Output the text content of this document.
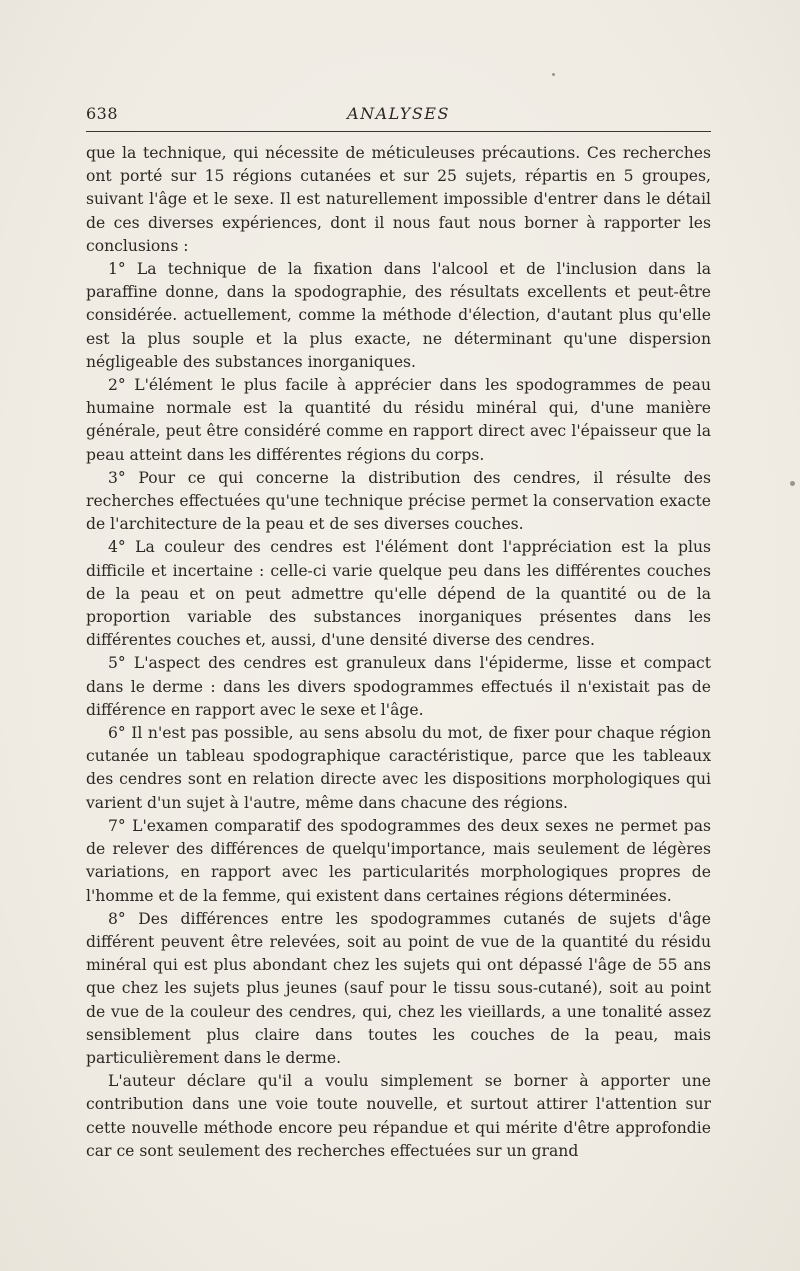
638	ANALYSES

que la technique, qui nécessite de méticuleuses précautions. Ces recherches ont porté sur 15 régions cutanées et sur 25 sujets, répartis en 5 groupes, suivant l'âge et le sexe. Il est naturellement impossible d'entrer dans le détail de ces diverses expériences, dont il nous faut nous borner à rapporter les conclusions :

1° La technique de la fixation dans l'alcool et de l'inclusion dans la paraffine donne, dans la spodographie, des résultats excellents et peut-être considérée. actuellement, comme la méthode d'élection, d'autant plus qu'elle est la plus souple et la plus exacte, ne déterminant qu'une dispersion négligeable des substances inorganiques.

2° L'élément le plus facile à apprécier dans les spodogrammes de peau humaine normale est la quantité du résidu minéral qui, d'une manière générale, peut être considéré comme en rapport direct avec l'épaisseur que la peau atteint dans les différentes régions du corps.

3° Pour ce qui concerne la distribution des cendres, il résulte des recherches effectuées qu'une technique précise permet la conservation exacte de l'architecture de la peau et de ses diverses couches.

4° La couleur des cendres est l'élément dont l'appréciation est la plus difficile et incertaine : celle-ci varie quelque peu dans les différentes couches de la peau et on peut admettre qu'elle dépend de la quantité ou de la proportion variable des substances inorganiques présentes dans les différentes couches et, aussi, d'une densité diverse des cendres.

5° L'aspect des cendres est granuleux dans l'épiderme, lisse et compact dans le derme : dans les divers spodogrammes effectués il n'existait pas de différence en rapport avec le sexe et l'âge.

6° Il n'est pas possible, au sens absolu du mot, de fixer pour chaque région cutanée un tableau spodographique caractéristique, parce que les tableaux des cendres sont en relation directe avec les dispositions morphologiques qui varient d'un sujet à l'autre, même dans chacune des régions.

7° L'examen comparatif des spodogrammes des deux sexes ne permet pas de relever des différences de quelqu'importance, mais seulement de légères variations, en rapport avec les particularités morphologiques propres de l'homme et de la femme, qui existent dans certaines régions déterminées.

8° Des différences entre les spodogrammes cutanés de sujets d'âge différent peuvent être relevées, soit au point de vue de la quantité du résidu minéral qui est plus abondant chez les sujets qui ont dépassé l'âge de 55 ans que chez les sujets plus jeunes (sauf pour le tissu sous-cutané), soit au point de vue de la couleur des cendres, qui, chez les vieillards, a une tonalité assez sensiblement plus claire dans toutes les couches de la peau, mais particulièrement dans le derme.

L'auteur déclare qu'il a voulu simplement se borner à apporter une contribution dans une voie toute nouvelle, et surtout attirer l'attention sur cette nouvelle méthode encore peu répandue et qui mérite d'être approfondie car ce sont seulement des recherches effectuées sur un grand
